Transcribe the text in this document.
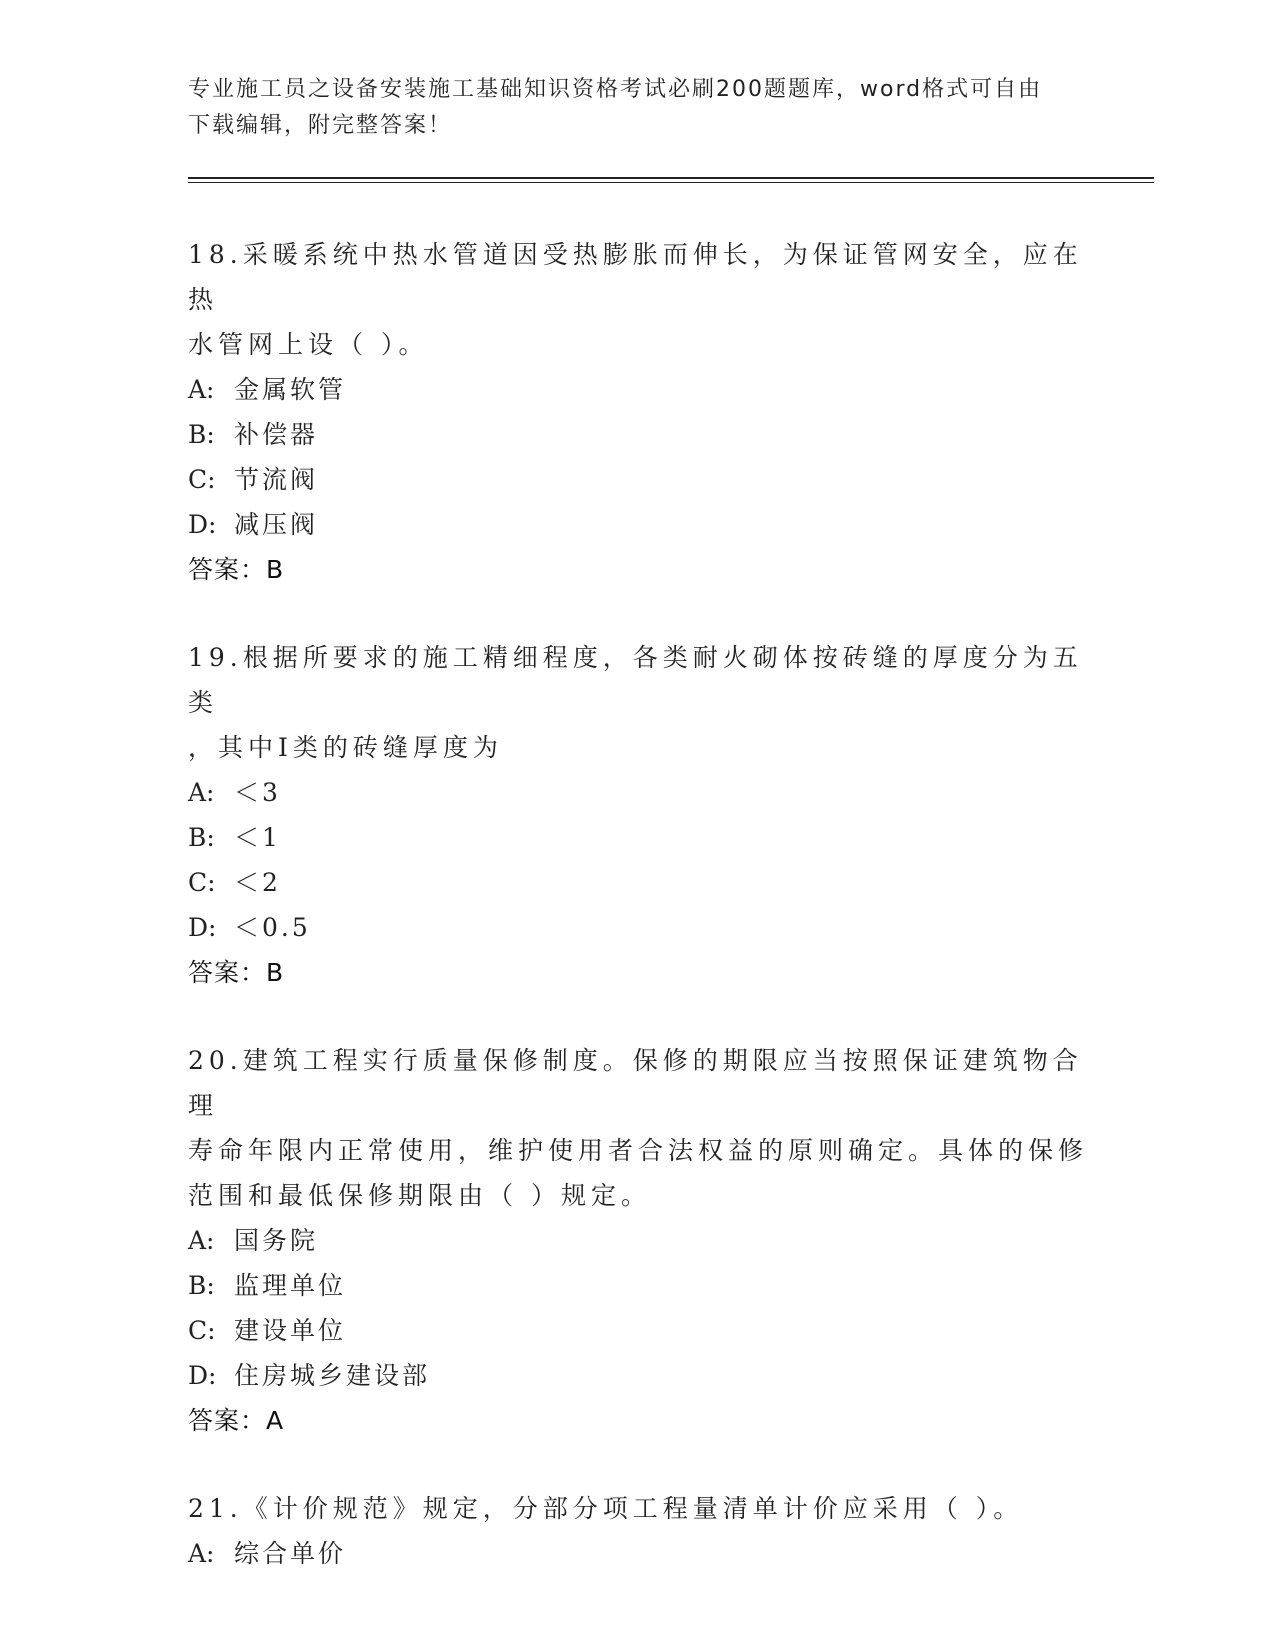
专业施工员之设备安装施工基础知识资格考试必刷200题题库，word格式可自由
下载编辑，附完整答案！
18.采暖系统中热水管道因受热膨胀而伸长，为保证管网安全，应在热
水管网上设（ ）。
A: 金属软管
B: 补偿器
C: 节流阀
D: 减压阀
答案：B
19.根据所要求的施工精细程度，各类耐火砌体按砖缝的厚度分为五类
，其中Ⅰ类的砖缝厚度为
A: ＜3
B: ＜1
C: ＜2
D: ＜0.5
答案：B
20.建筑工程实行质量保修制度。保修的期限应当按照保证建筑物合理
寿命年限内正常使用，维护使用者合法权益的原则确定。具体的保修
范围和最低保修期限由（ ）规定。
A: 国务院
B: 监理单位
C: 建设单位
D: 住房城乡建设部
答案：A
21.《计价规范》规定，分部分项工程量清单计价应采用（ ）。
A: 综合单价
